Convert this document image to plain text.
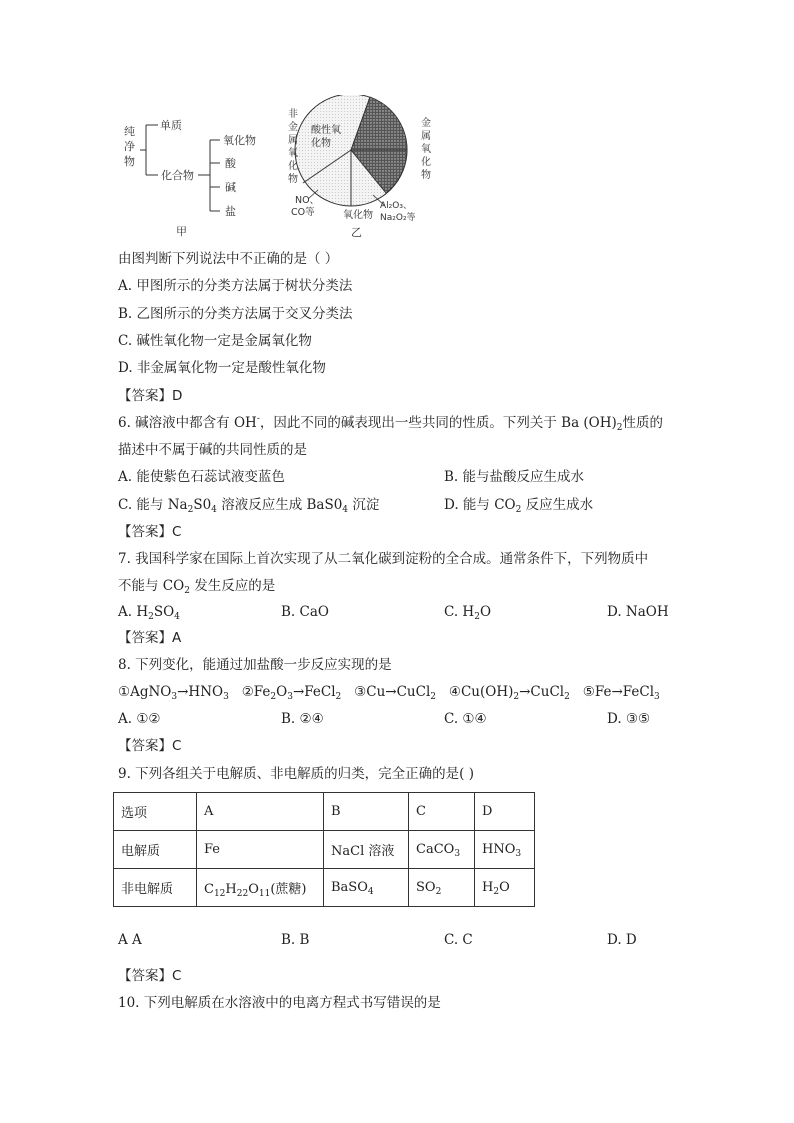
纯
净
物
单质
化合物
氧化物
酸
碱
盐
甲
酸性氧
化物
非
金
属
氧
化
物
金
属
氧
化
物
NO、
CO等	氧化物
Al₂O₃、
Na₂O₂等
乙
由图判断下列说法中不正确的是（ ）
A. 甲图所示的分类方法属于树状分类法
B. 乙图所示的分类方法属于交叉分类法
C. 碱性氧化物一定是金属氧化物
D. 非金属氧化物一定是酸性氧化物
【答案】D
6. 碱溶液中都含有 OH-，因此不同的碱表现出一些共同的性质。下列关于 Ba $(OH)_2$性质的
描述中不属于碱的共同性质的是
A. 能使紫色石蕊试液变蓝色	B. 能与盐酸反应生成水
C. 能与 $Na_2S0_4$ 溶液反应生成 $BaS0_4$ 沉淀	D. 能与 $CO_2$ 反应生成水
【答案】C
7. 我国科学家在国际上首次实现了从二氧化碳到淀粉的全合成。通常条件下，下列物质中
不能与 $CO_2$ 发生反应的是
A. $H_2SO_4$	B. CaO	C. $H_2O$	D. NaOH
【答案】A
8. 下列变化，能通过加盐酸一步反应实现的是
$①AgNO_3\to HNO_3$ $②Fe_2O_3\to FeCl_2$ ③Cu→CuCl$_2$ $④Cu(OH)_2\to CuCl_2$ ⑤Fe→FeCl$_3$
A. ①②	B. ②④	C. ①④	D. ③⑤
【答案】C
9. 下列各组关于电解质、非电解质的归类，完全正确的是( )
选项	A	B	C	D
电解质	Fe	NaCl 溶液	CaCO$_3$	$HNO_3$
非电解质	$C_{12}H_{22}O_{11}$(蔗糖)	BaSO$_4$	$SO_2$	$H_2O$
A A	B. B	C. C	D. D
【答案】C
10. 下列电解质在水溶液中的电离方程式书写错误的是
